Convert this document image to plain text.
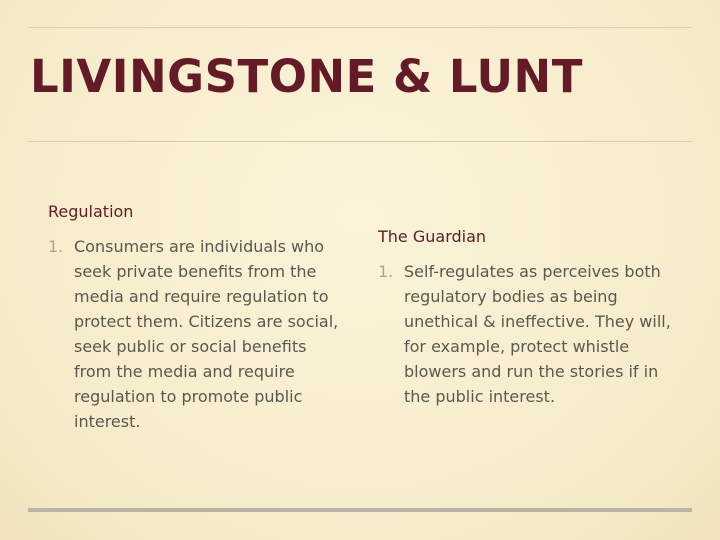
LIVINGSTONE & LUNT
Regulation
1. Consumers are individuals who
seek private benefits from the
media and require regulation to
protect them. Citizens are social,
seek public or social benefits
from the media and require
regulation to promote public
interest.
The Guardian
1. Self-regulates as perceives both
regulatory bodies as being
unethical & ineffective. They will,
for example, protect whistle
blowers and run the stories if in
the public interest.
